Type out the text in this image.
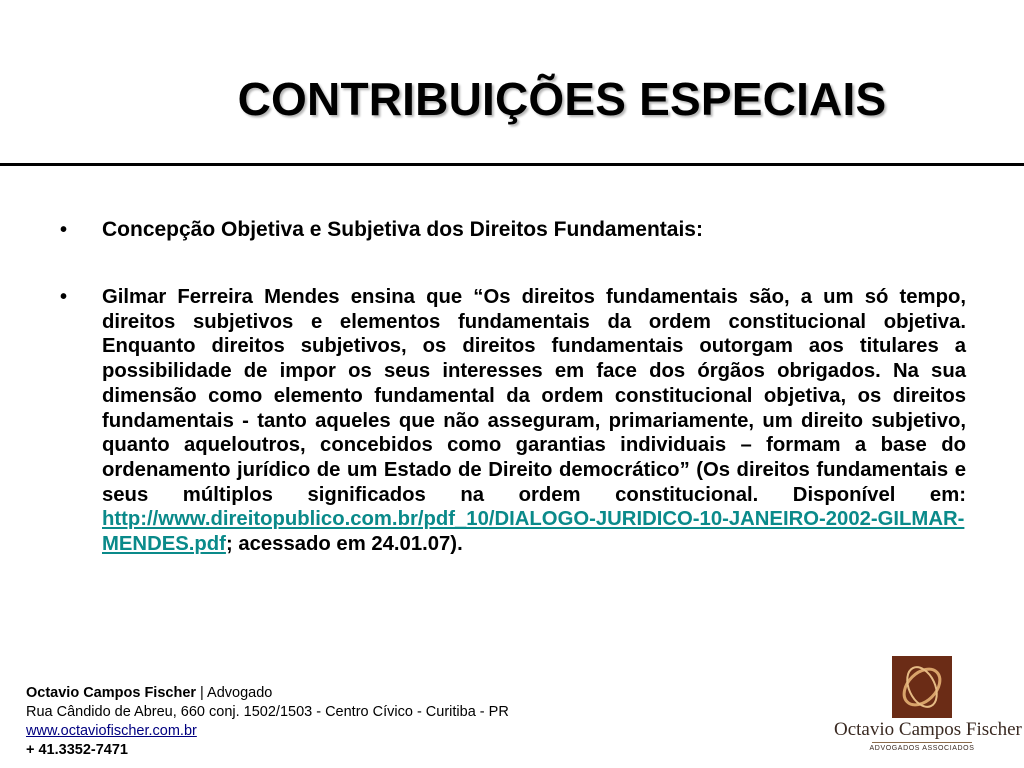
CONTRIBUIÇÕES ESPECIAIS
•	Concepção Objetiva e Subjetiva dos Direitos Fundamentais:
•	Gilmar Ferreira Mendes ensina que “Os direitos fundamentais são, a um só tempo, direitos subjetivos e elementos fundamentais da ordem constitucional objetiva. Enquanto direitos subjetivos, os direitos fundamentais outorgam aos titulares a possibilidade de impor os seus interesses em face dos órgãos obrigados. Na sua dimensão como elemento fundamental da ordem constitucional objetiva, os direitos fundamentais - tanto aqueles que não asseguram, primariamente, um direito subjetivo, quanto aqueloutros, concebidos como garantias individuais – formam a base do ordenamento jurídico de um Estado de Direito democrático” (Os direitos fundamentais e seus múltiplos significados na ordem constitucional. Disponível em: http://www.direitopublico.com.br/pdf_10/DIALOGO-JURIDICO-10-JANEIRO-2002-GILMAR-MENDES.pdf; acessado em 24.01.07).
Octavio Campos Fischer | Advogado
Rua Cândido de Abreu, 660 conj. 1502/1503 - Centro Cívico - Curitiba - PR
www.octaviofischer.com.br
+ 41.3352-7471
Octavio Campos Fischer
ADVOGADOS ASSOCIADOS
